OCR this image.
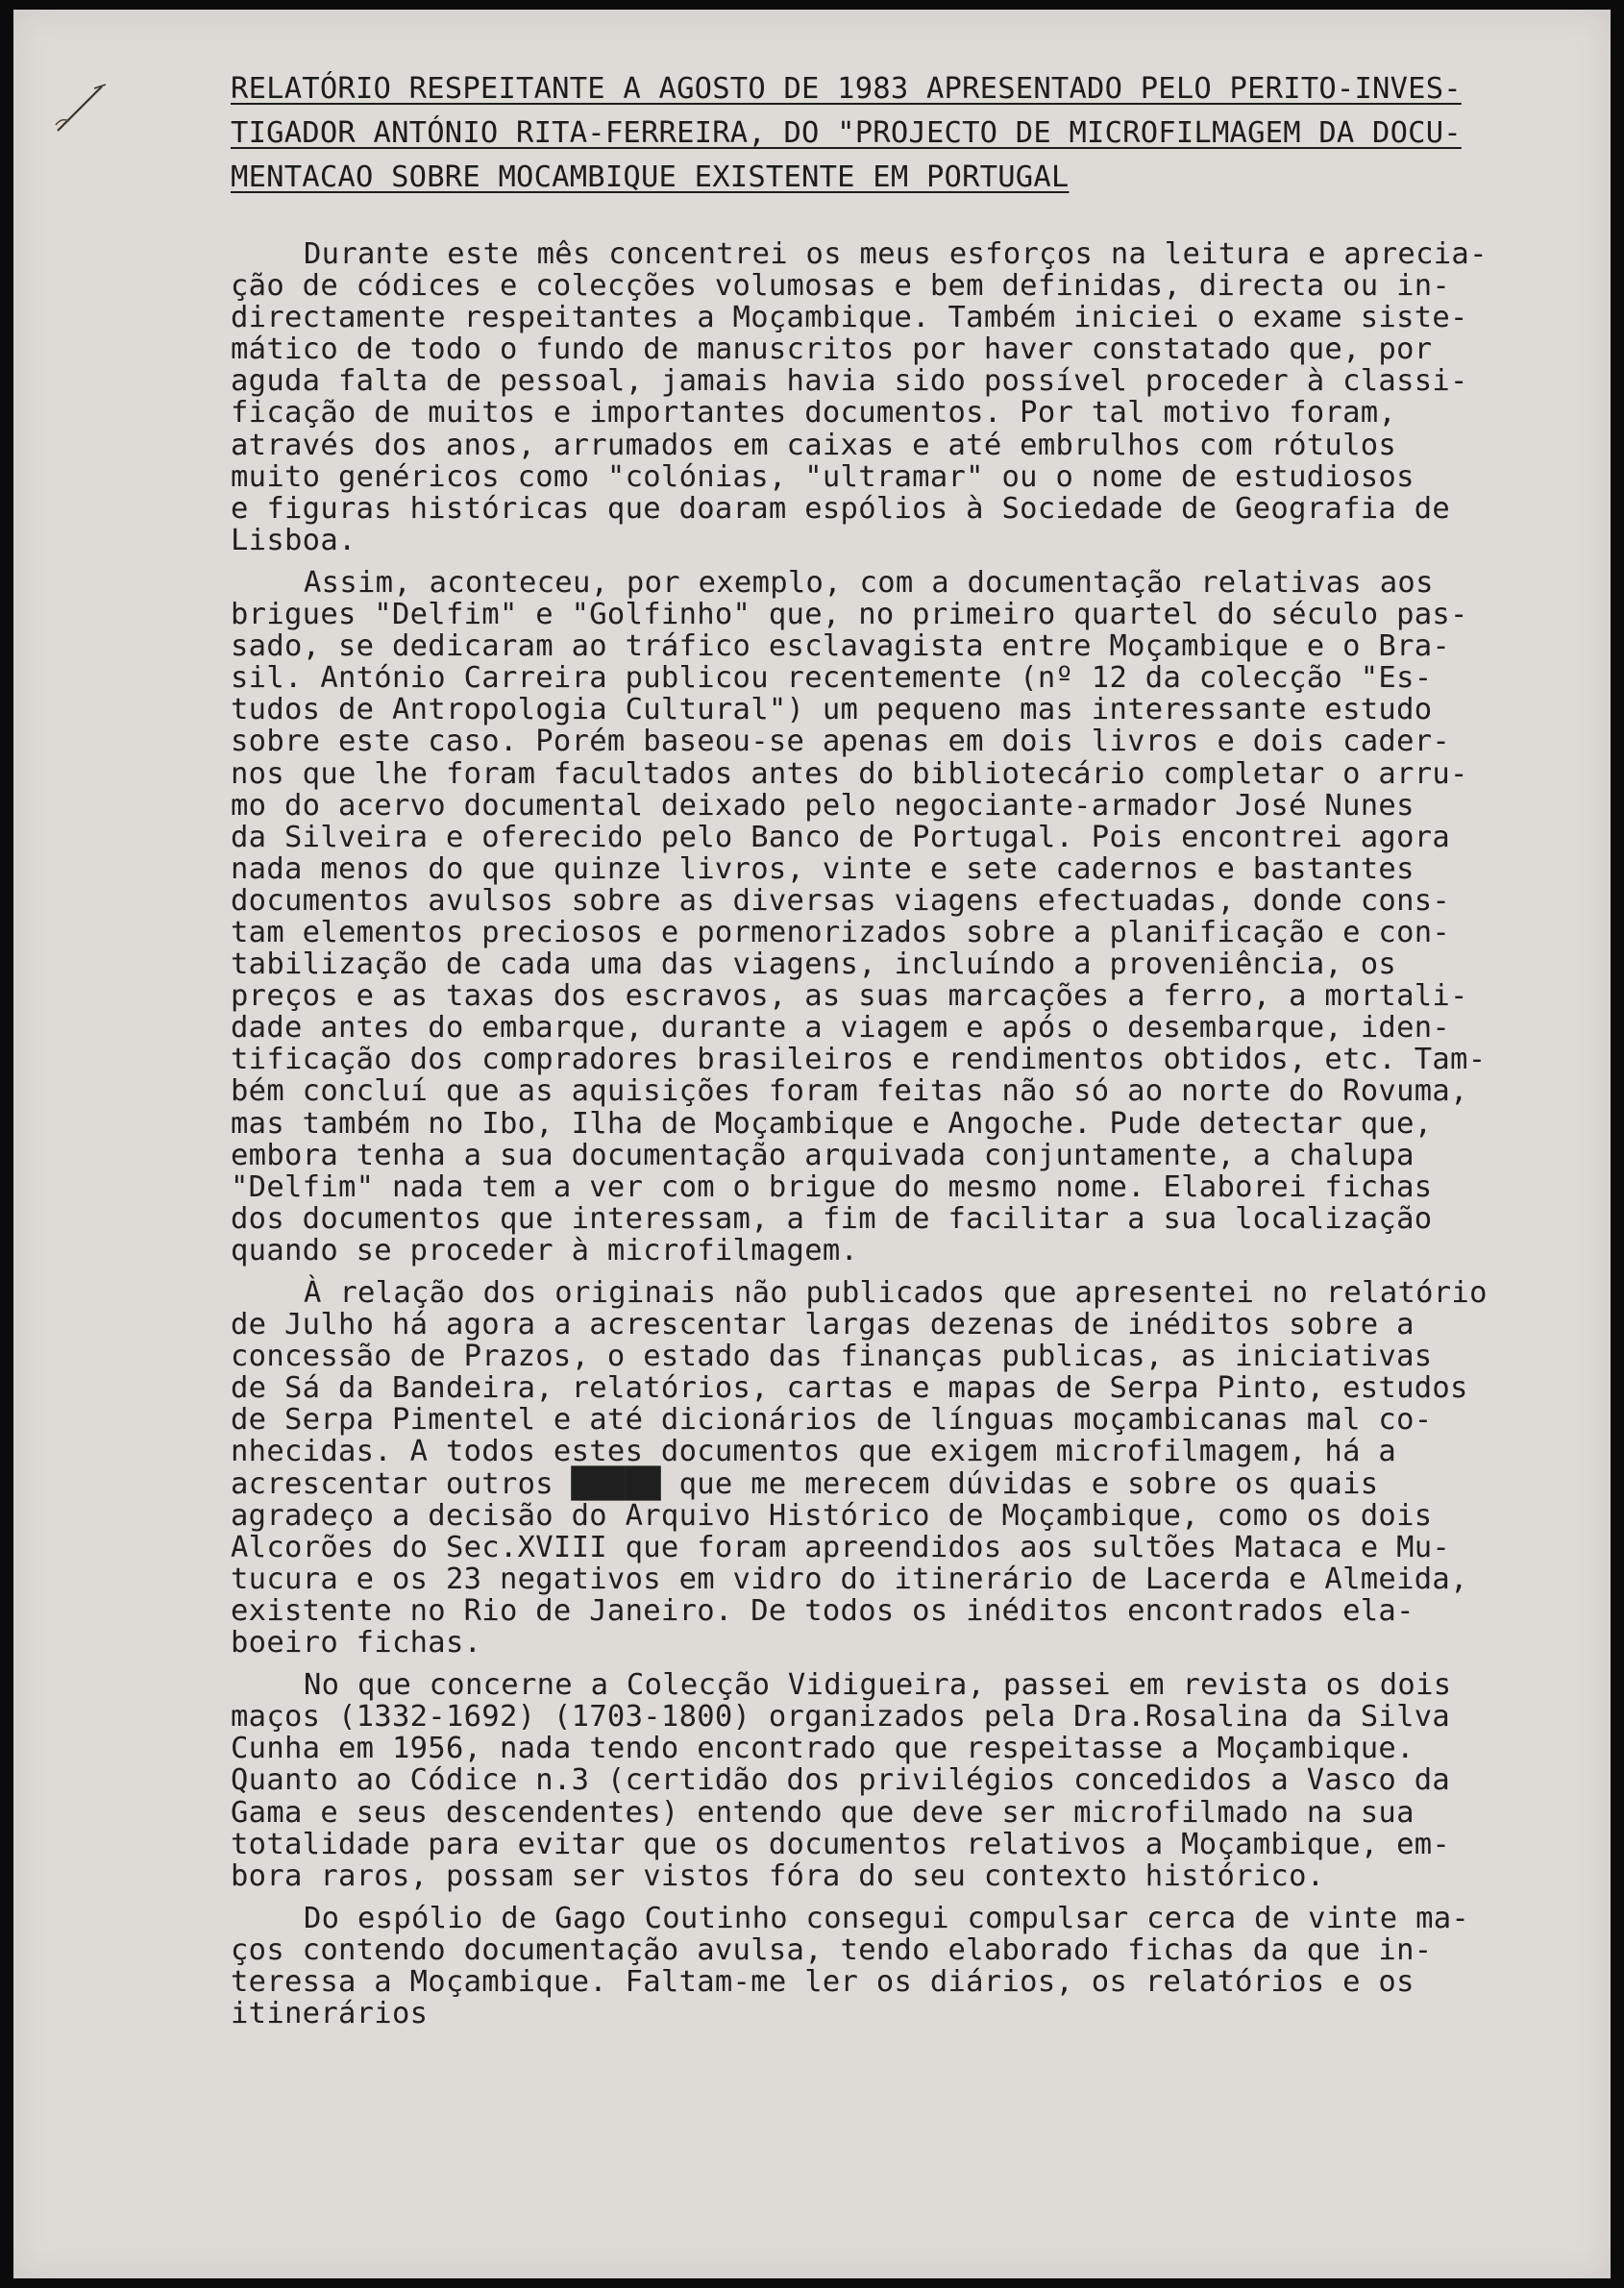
RELATÓRIO RESPEITANTE A AGOSTO DE 1983 APRESENTADO PELO PERITO-INVES-
TIGADOR ANTÓNIO RITA-FERREIRA, DO "PROJECTO DE MICROFILMAGEM DA DOCU-
MENTACAO SOBRE MOCAMBIQUE EXISTENTE EM PORTUGAL
Durante este mês concentrei os meus esforços na leitura e aprecia-
ção de códices e colecções volumosas e bem definidas, directa ou in-
directamente respeitantes a Moçambique. Também iniciei o exame siste-
mático de todo o fundo de manuscritos por haver constatado que, por
aguda falta de pessoal, jamais havia sido possível proceder à classi-
ficação de muitos e importantes documentos. Por tal motivo foram,
através dos anos, arrumados em caixas e até embrulhos com rótulos
muito genéricos como "colónias, "ultramar" ou o nome de estudiosos
e figuras históricas que doaram espólios à Sociedade de Geografia de
Lisboa.
Assim, aconteceu, por exemplo, com a documentação relativas aos
brigues "Delfim" e "Golfinho" que, no primeiro quartel do século pas-
sado, se dedicaram ao tráfico esclavagista entre Moçambique e o Bra-
sil. António Carreira publicou recentemente (nº 12 da colecção "Es-
tudos de Antropologia Cultural") um pequeno mas interessante estudo
sobre este caso. Porém baseou-se apenas em dois livros e dois cader-
nos que lhe foram facultados antes do bibliotecário completar o arru-
mo do acervo documental deixado pelo negociante-armador José Nunes
da Silveira e oferecido pelo Banco de Portugal. Pois encontrei agora
nada menos do que quinze livros, vinte e sete cadernos e bastantes
documentos avulsos sobre as diversas viagens efectuadas, donde cons-
tam elementos preciosos e pormenorizados sobre a planificação e con-
tabilização de cada uma das viagens, incluíndo a proveniência, os
preços e as taxas dos escravos, as suas marcações a ferro, a mortali-
dade antes do embarque, durante a viagem e após o desembarque, iden-
tificação dos compradores brasileiros e rendimentos obtidos, etc. Tam-
bém concluí que as aquisições foram feitas não só ao norte do Rovuma,
mas também no Ibo, Ilha de Moçambique e Angoche. Pude detectar que,
embora tenha a sua documentação arquivada conjuntamente, a chalupa
"Delfim" nada tem a ver com o brigue do mesmo nome. Elaborei fichas
dos documentos que interessam, a fim de facilitar a sua localização
quando se proceder à microfilmagem.
À relação dos originais não publicados que apresentei no relatório
de Julho há agora a acrescentar largas dezenas de inéditos sobre a
concessão de Prazos, o estado das finanças publicas, as iniciativas
de Sá da Bandeira, relatórios, cartas e mapas de Serpa Pinto, estudos
de Serpa Pimentel e até dicionários de línguas moçambicanas mal co-
nhecidas. A todos estes documentos que exigem microfilmagem, há a
acrescentar outros █████ que me merecem dúvidas e sobre os quais
agradeço a decisão do Arquivo Histórico de Moçambique, como os dois
Alcorões do Sec.XVIII que foram apreendidos aos sultões Mataca e Mu-
tucura e os 23 negativos em vidro do itinerário de Lacerda e Almeida,
existente no Rio de Janeiro. De todos os inéditos encontrados ela-
boeiro fichas.
No que concerne a Colecção Vidigueira, passei em revista os dois
maços (1332-1692) (1703-1800) organizados pela Dra.Rosalina da Silva
Cunha em 1956, nada tendo encontrado que respeitasse a Moçambique.
Quanto ao Códice n.3 (certidão dos privilégios concedidos a Vasco da
Gama e seus descendentes) entendo que deve ser microfilmado na sua
totalidade para evitar que os documentos relativos a Moçambique, em-
bora raros, possam ser vistos fóra do seu contexto histórico.
Do espólio de Gago Coutinho consegui compulsar cerca de vinte ma-
ços contendo documentação avulsa, tendo elaborado fichas da que in-
teressa a Moçambique. Faltam-me ler os diários, os relatórios e os
itinerários
